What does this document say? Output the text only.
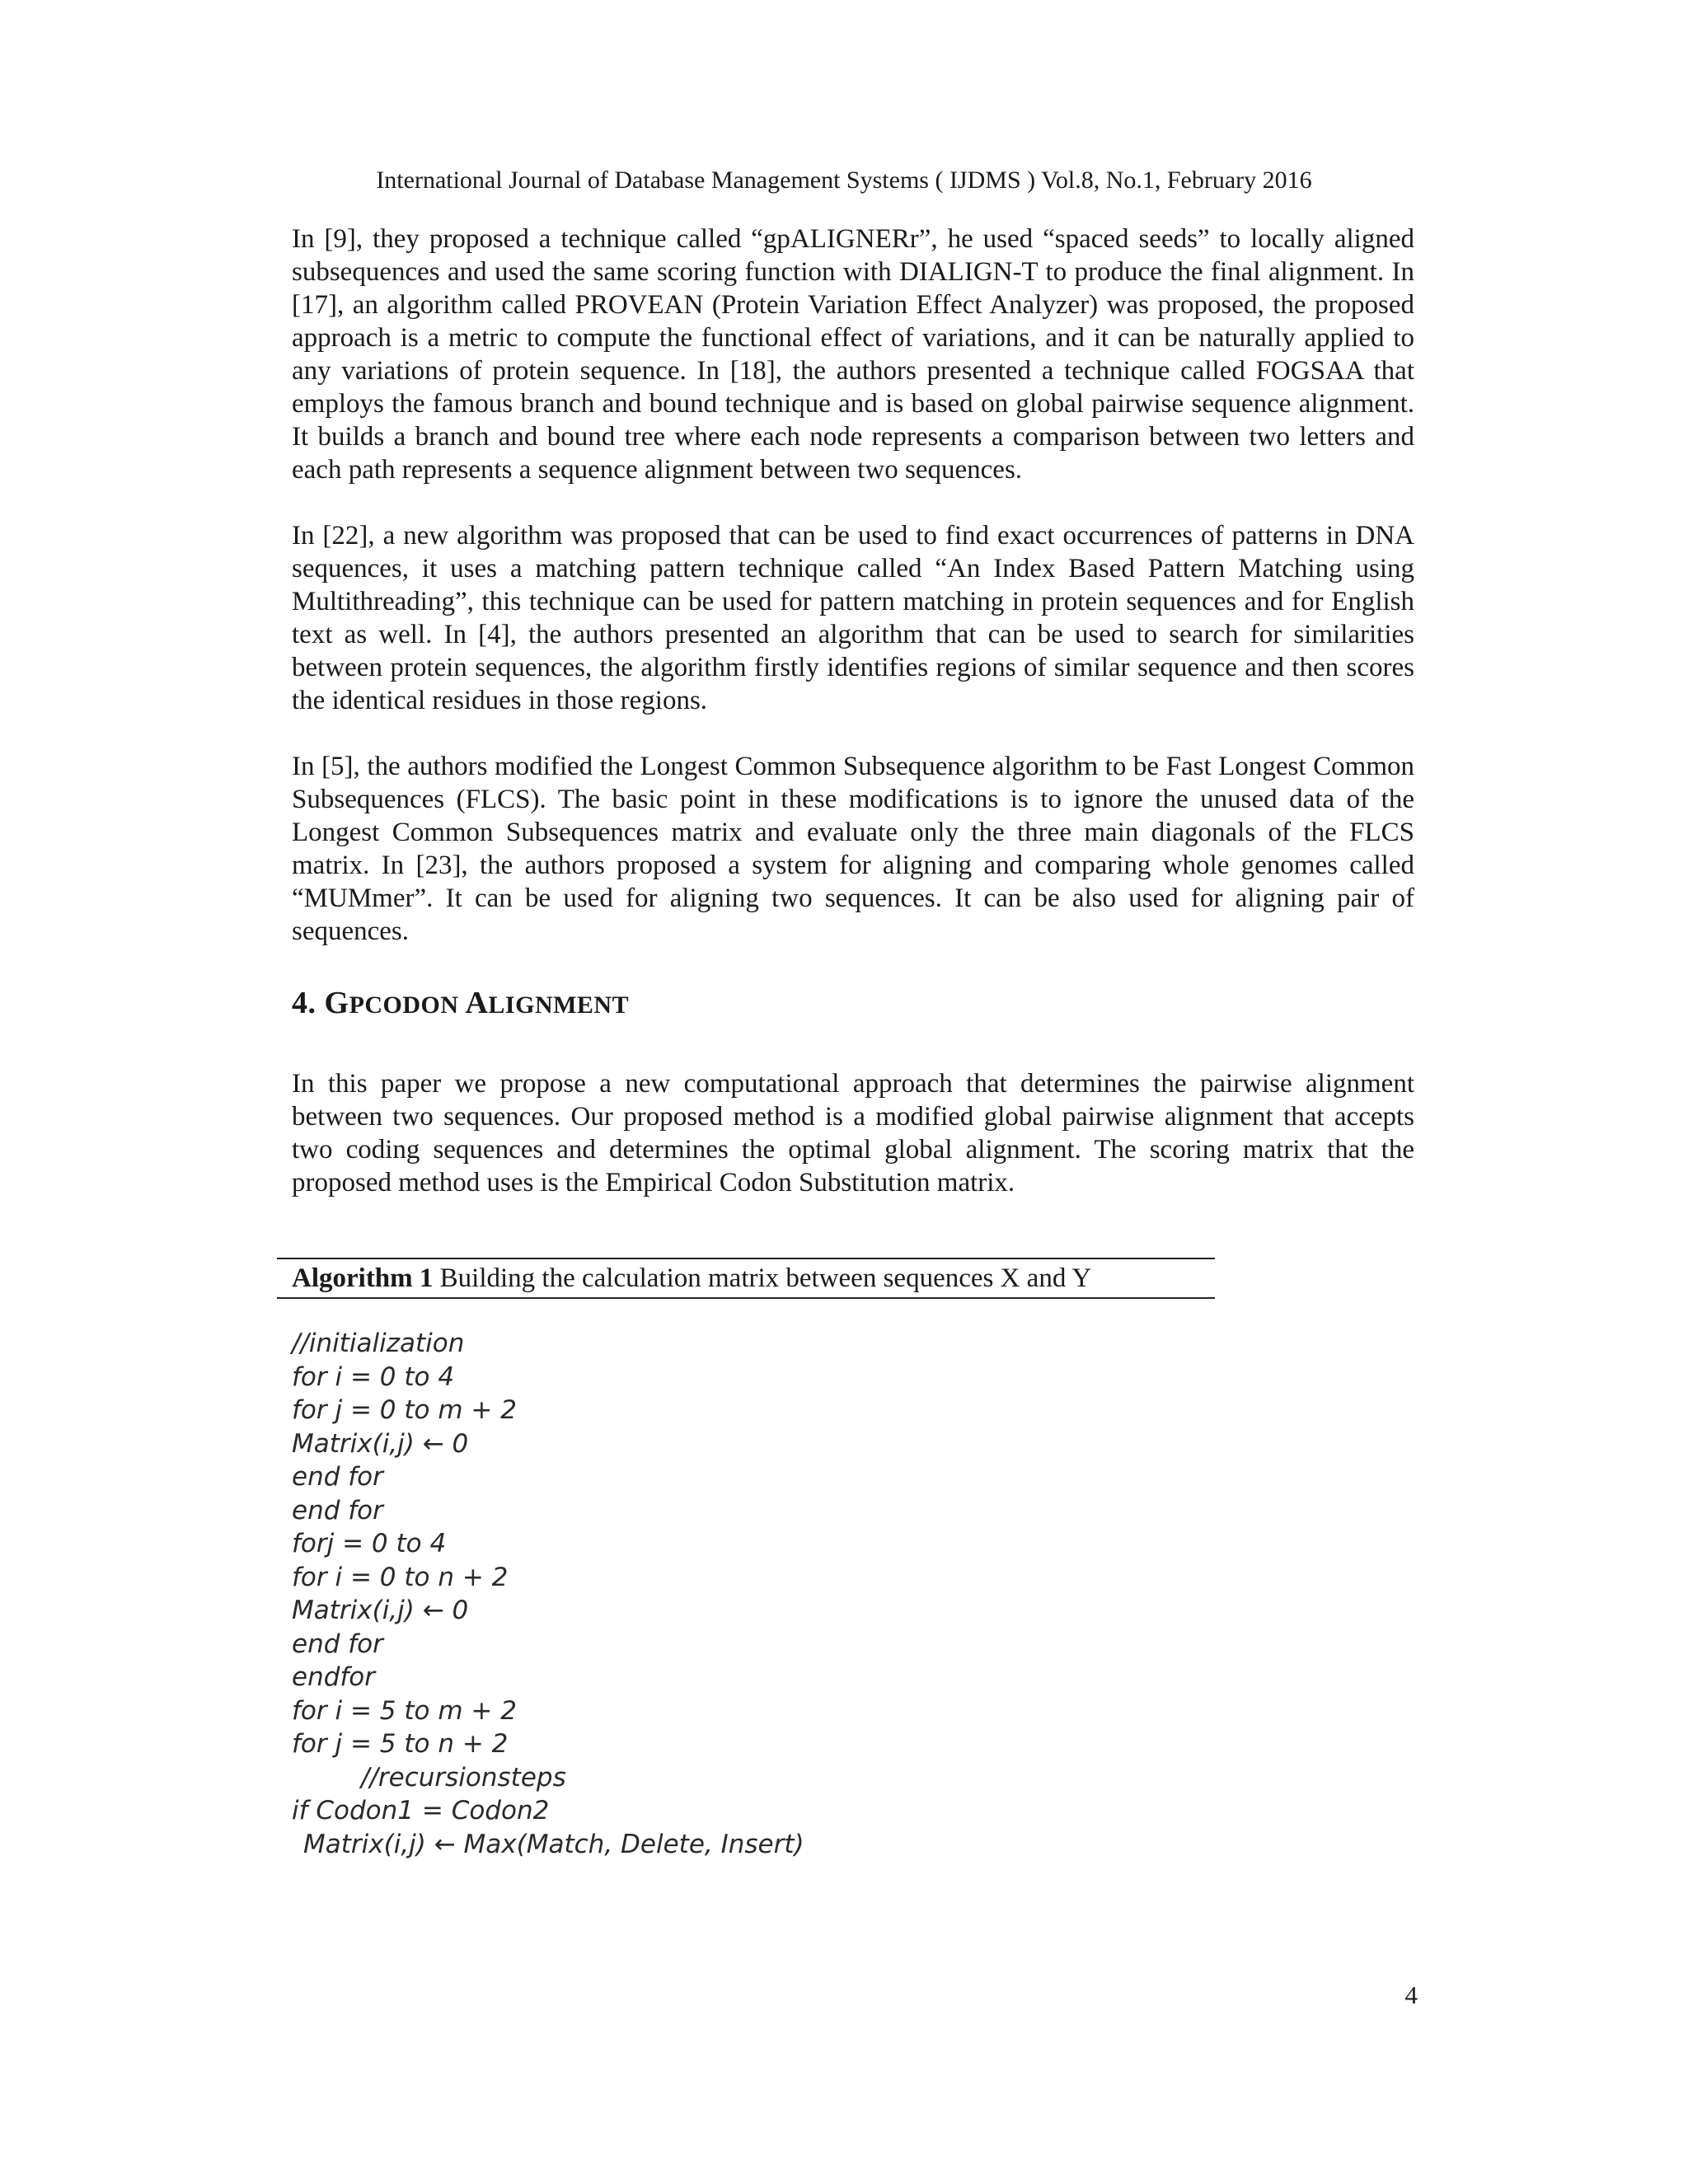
International Journal of Database Management Systems ( IJDMS ) Vol.8, No.1, February 2016

In [9], they proposed a technique called “gpALIGNERr”, he used “spaced seeds” to locally aligned subsequences and used the same scoring function with DIALIGN-T to produce the final alignment. In [17], an algorithm called PROVEAN (Protein Variation Effect Analyzer) was proposed, the proposed approach is a metric to compute the functional effect of variations, and it can be naturally applied to any variations of protein sequence. In [18], the authors presented a technique called FOGSAA that employs the famous branch and bound technique and is based on global pairwise sequence alignment. It builds a branch and bound tree where each node represents a comparison between two letters and each path represents a sequence alignment between two sequences.

In [22], a new algorithm was proposed that can be used to find exact occurrences of patterns in DNA sequences, it uses a matching pattern technique called “An Index Based Pattern Matching using Multithreading”, this technique can be used for pattern matching in protein sequences and for English text as well. In [4], the authors presented an algorithm that can be used to search for similarities between protein sequences, the algorithm firstly identifies regions of similar sequence and then scores the identical residues in those regions.

In [5], the authors modified the Longest Common Subsequence algorithm to be Fast Longest Common Subsequences (FLCS). The basic point in these modifications is to ignore the unused data of the Longest Common Subsequences matrix and evaluate only the three main diagonals of the FLCS matrix. In [23], the authors proposed a system for aligning and comparing whole genomes called “MUMmer”. It can be used for aligning two sequences. It can be also used for aligning pair of sequences.

4. GPCODON ALIGNMENT

In this paper we propose a new computational approach that determines the pairwise alignment between two sequences. Our proposed method is a modified global pairwise alignment that accepts two coding sequences and determines the optimal global alignment. The scoring matrix that the proposed method uses is the Empirical Codon Substitution matrix.

Algorithm 1 Building the calculation matrix between sequences X and Y
//initialization
for i = 0 to 4
for j = 0 to m + 2
Matrix(i,j) ← 0
end for
end for
forj = 0 to 4
for i = 0 to n + 2
Matrix(i,j) ← 0
end for
endfor
for i = 5 to m + 2
for j = 5 to n + 2
//recursionsteps
if Codon1 = Codon2
Matrix(i,j) ← Max(Match, Delete, Insert)
4
